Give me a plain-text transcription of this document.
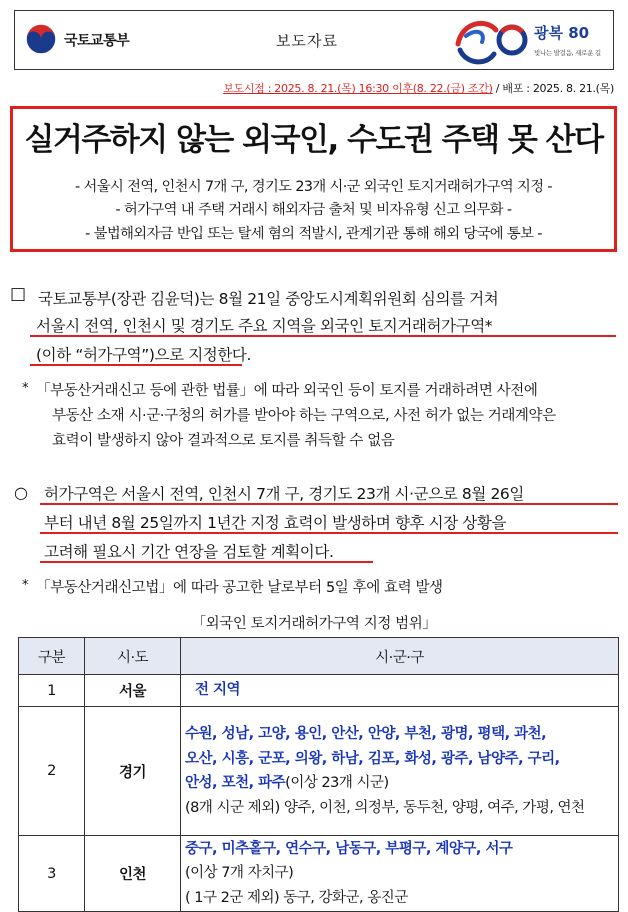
국토교통부	보도자료	광복 80
빛나는 발걸음, 새로운 길
보도시점 : 2025. 8. 21.(목) 16:30 이후(8. 22.(금) 조간) / 배포 : 2025. 8. 21.(목)
실거주하지 않는 외국인, 수도권 주택 못 산다
- 서울시 전역, 인천시 7개 구, 경기도 23개 시·군 외국인 토지거래허가구역 지정 -
- 허가구역 내 주택 거래시 해외자금 출처 및 비자유형 신고 의무화 -
- 불법해외자금 반입 또는 탈세 혐의 적발시, 관계기관 통해 해외 당국에 통보 -
□ 국토교통부(장관 김윤덕)는 8월 21일 중앙도시계획위원회 심의를 거쳐
서울시 전역, 인천시 및 경기도 주요 지역을 외국인 토지거래허가구역*
(이하 “허가구역”)으로 지정한다.
* 「부동산거래신고 등에 관한 법률」에 따라 외국인 등이 토지를 거래하려면 사전에
부동산 소재 시·군·구청의 허가를 받아야 하는 구역으로, 사전 허가 없는 거래계약은
효력이 발생하지 않아 결과적으로 토지를 취득할 수 없음
○ 허가구역은 서울시 전역, 인천시 7개 구, 경기도 23개 시·군으로 8월 26일
부터 내년 8월 25일까지 1년간 지정 효력이 발생하며 향후 시장 상황을
고려해 필요시 기간 연장을 검토할 계획이다.
* 「부동산거래신고법」에 따라 공고한 날로부터 5일 후에 효력 발생
「외국인 토지거래허가구역 지정 범위」
구분	시·도	시·군·구
1	서울	전 지역

2	경기	수원, 성남, 고양, 용인, 안산, 안양, 부천, 광명, 평택, 과천,
오산, 시흥, 군포, 의왕, 하남, 김포, 화성, 광주, 남양주, 구리,
안성, 포천, 파주(이상 23개 시군)
(8개 시군 제외) 양주, 이천, 의정부, 동두천, 양평, 여주, 가평, 연천

3	인천	중구, 미추홀구, 연수구, 남동구, 부평구, 계양구, 서구
(이상 7개 자치구)
( 1구 2군 제외) 동구, 강화군, 옹진군
